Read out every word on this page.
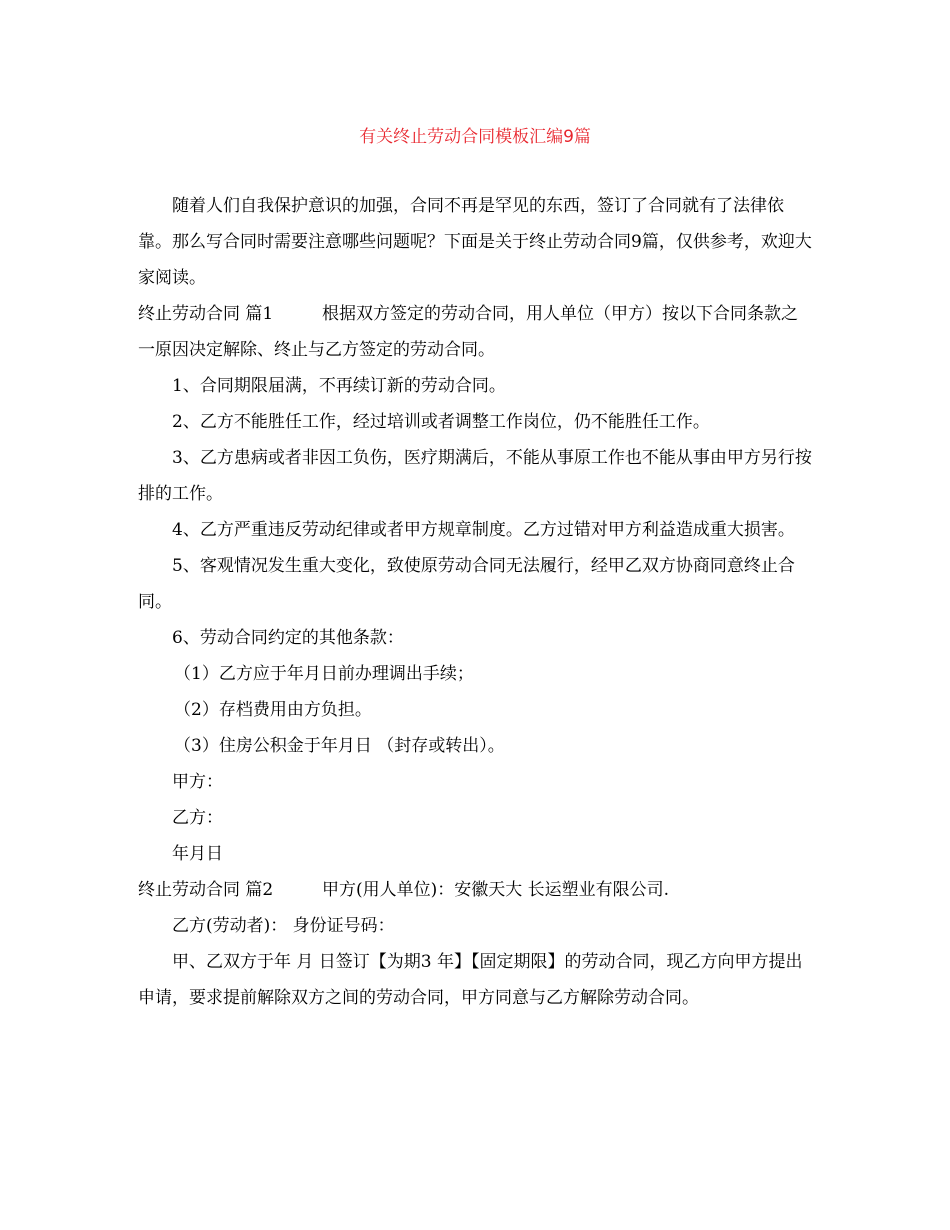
有关终止劳动合同模板汇编9篇

随着人们自我保护意识的加强，合同不再是罕见的东西，签订了合同就有了法律依靠。那么写合同时需要注意哪些问题呢？下面是关于终止劳动合同9篇，仅供参考，欢迎大家阅读。

终止劳动合同 篇1	根据双方签定的劳动合同，用人单位（甲方）按以下合同条款之一原因决定解除、终止与乙方签定的劳动合同。

1、合同期限届满，不再续订新的劳动合同。

2、乙方不能胜任工作，经过培训或者调整工作岗位，仍不能胜任工作。

3、乙方患病或者非因工负伤，医疗期满后，不能从事原工作也不能从事由甲方另行按排的工作。

4、乙方严重违反劳动纪律或者甲方规章制度。乙方过错对甲方利益造成重大损害。

5、客观情况发生重大变化，致使原劳动合同无法履行，经甲乙双方协商同意终止合同。

6、劳动合同约定的其他条款：

（1）乙方应于年月日前办理调出手续；

（2）存档费用由方负担。

（3）住房公积金于年月日 （封存或转出）。

甲方：

乙方：

年月日

终止劳动合同 篇2	甲方(用人单位)：安徽天大 长运塑业有限公司.

乙方(劳动者)： 身份证号码：

甲、乙双方于年 月 日签订【为期3 年】【固定期限】的劳动合同，现乙方向甲方提出申请，要求提前解除双方之间的劳动合同，甲方同意与乙方解除劳动合同。
